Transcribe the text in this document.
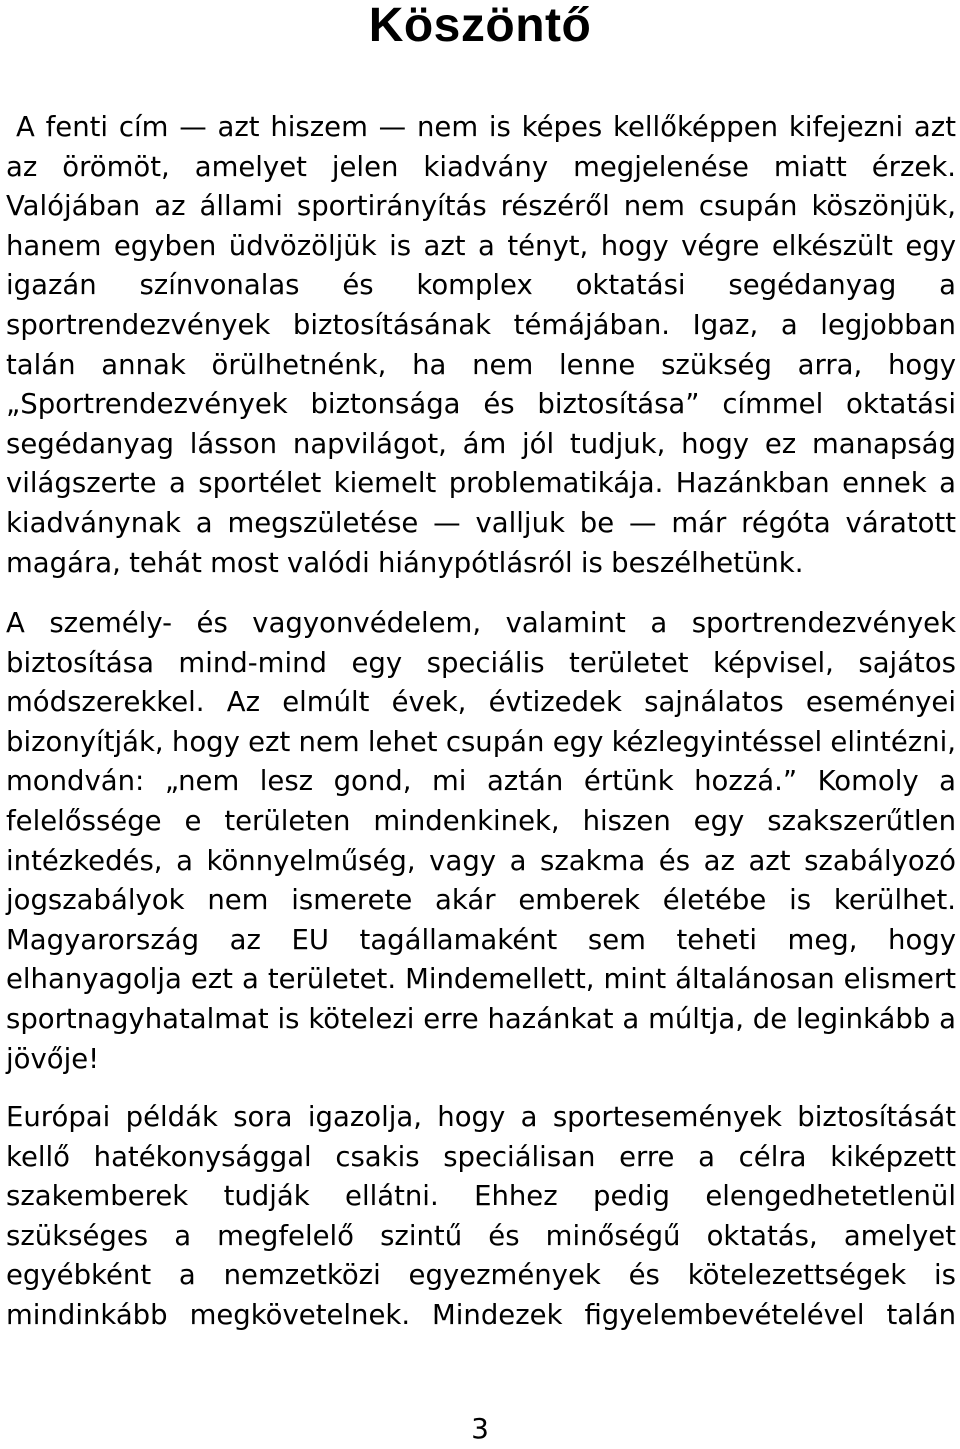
Köszöntő

A fenti cím — azt hiszem — nem is képes kellőképpen kifejezni azt az örömöt, amelyet jelen kiadvány megjelenése miatt érzek. Valójában az állami sportirányítás részéről nem csupán köszönjük, hanem egyben üdvözöljük is azt a tényt, hogy végre elkészült egy igazán színvonalas és komplex oktatási segédanyag a sportrendezvények biztosításának témájában. Igaz, a legjobban talán annak örülhetnénk, ha nem lenne szükség arra, hogy „Sportrendezvények biztonsága és biztosítása” címmel oktatási segédanyag lásson napvilágot, ám jól tudjuk, hogy ez manapság világszerte a sportélet kiemelt problematikája. Hazánkban ennek a kiadványnak a megszületése — valljuk be — már régóta váratott magára, tehát most valódi hiánypótlásról is beszélhetünk.

A személy- és vagyonvédelem, valamint a sportrendezvények biztosítása mind-mind egy speciális területet képvisel, sajátos módszerekkel. Az elmúlt évek, évtizedek sajnálatos eseményei bizonyítják, hogy ezt nem lehet csupán egy kézlegyintéssel elintézni, mondván: „nem lesz gond, mi aztán értünk hozzá.” Komoly a felelőssége e területen mindenkinek, hiszen egy szakszerűtlen intézkedés, a könnyelműség, vagy a szakma és az azt szabályozó jogszabályok nem ismerete akár emberek életébe is kerülhet. Magyarország az EU tagállamaként sem teheti meg, hogy elhanyagolja ezt a területet. Mindemellett, mint általánosan elismert sportnagyhatalmat is kötelezi erre hazánkat a múltja, de leginkább a jövője!

Európai példák sora igazolja, hogy a sportesemények biztosítását kellő hatékonysággal csakis speciálisan erre a célra kiképzett szakemberek tudják ellátni. Ehhez pedig elengedhetetlenül szükséges a megfelelő szintű és minőségű oktatás, amelyet egyébként a nemzetközi egyezmények és kötelezettségek is mindinkább megkövetelnek. Mindezek figyelembevételével talán

3
